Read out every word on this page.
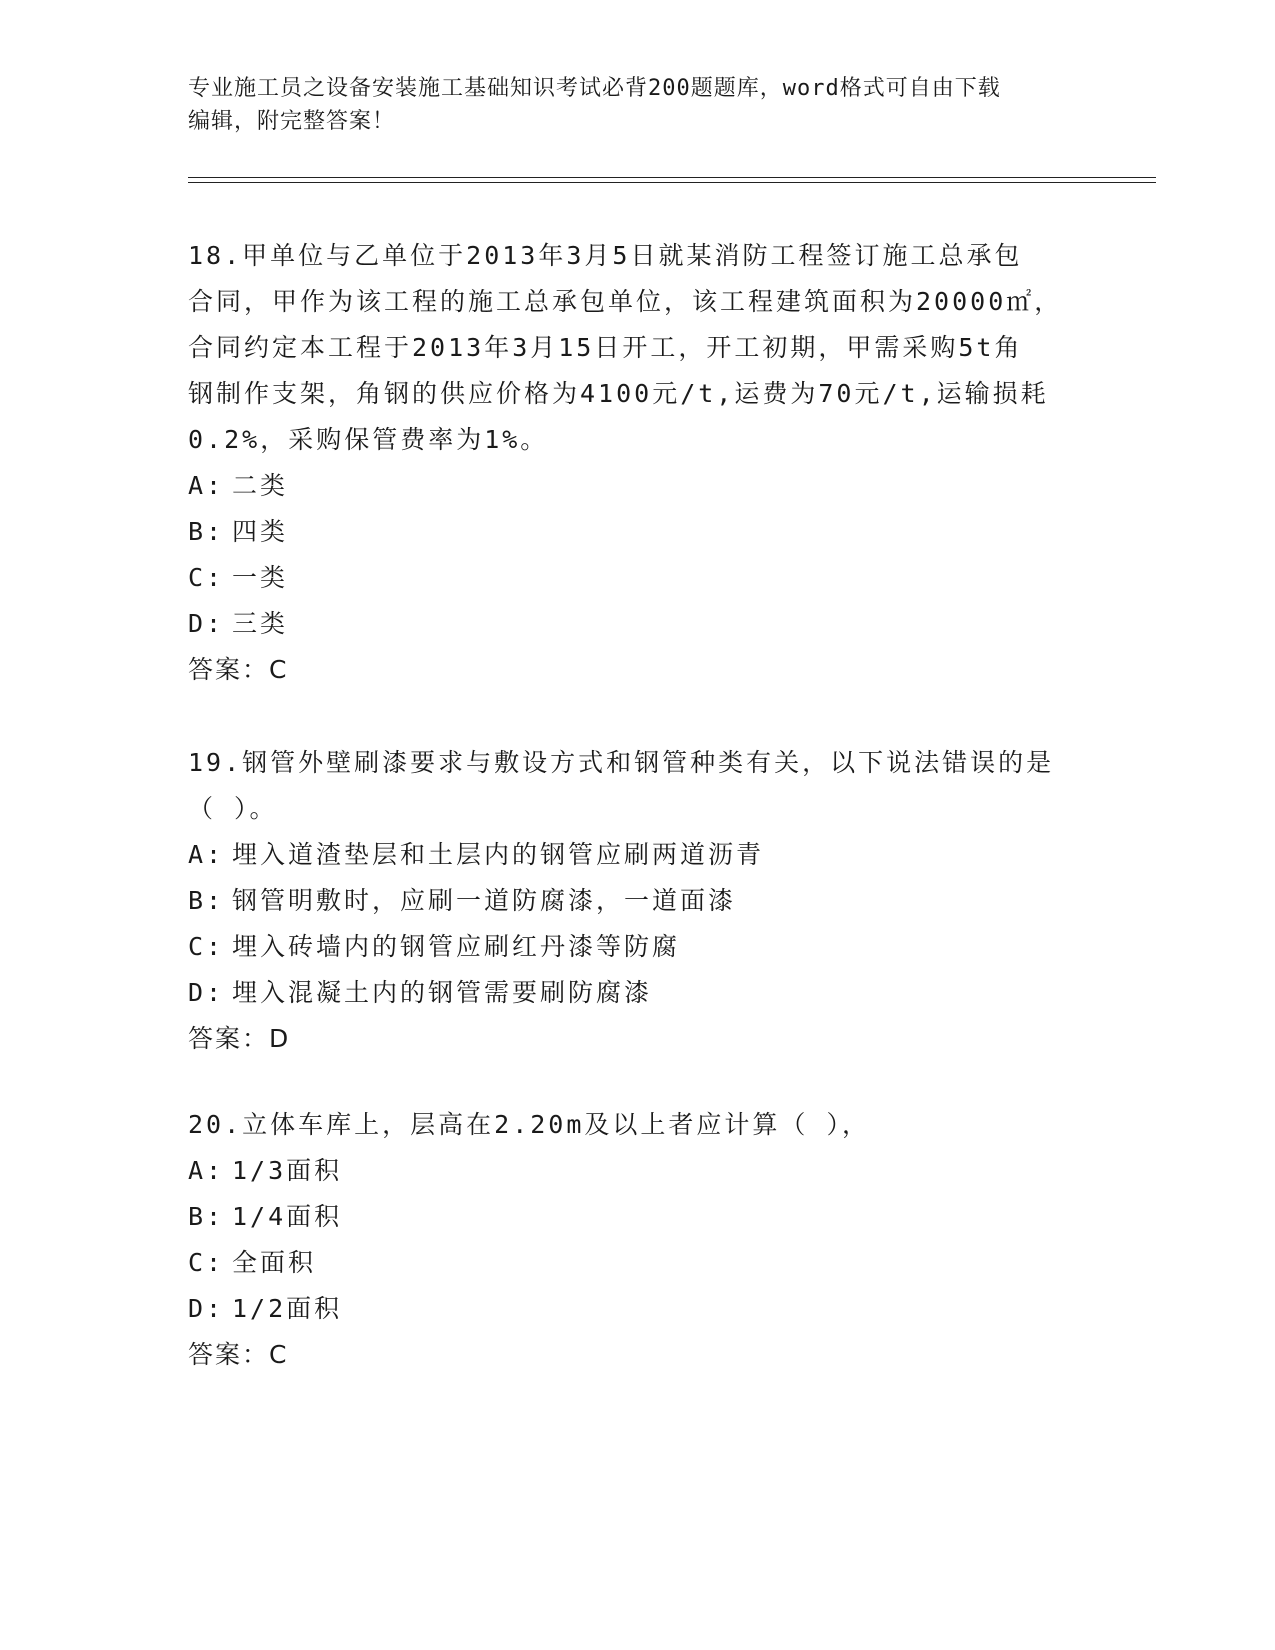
专业施工员之设备安装施工基础知识考试必背200题题库，word格式可自由下载
编辑，附完整答案！
18.甲单位与乙单位于2013年3月5日就某消防工程签订施工总承包
合同，甲作为该工程的施工总承包单位，该工程建筑面积为20000㎡，
合同约定本工程于2013年3月15日开工，开工初期，甲需采购5t角
钢制作支架，角钢的供应价格为4100元/t,运费为70元/t,运输损耗
0.2%，采购保管费率为1%。
A: 二类
B: 四类
C: 一类
D: 三类
答案：C
19.钢管外壁刷漆要求与敷设方式和钢管种类有关，以下说法错误的是
（ ）。
A: 埋入道渣垫层和土层内的钢管应刷两道沥青
B: 钢管明敷时，应刷一道防腐漆，一道面漆
C: 埋入砖墙内的钢管应刷红丹漆等防腐
D: 埋入混凝土内的钢管需要刷防腐漆
答案：D
20.立体车库上，层高在2.20m及以上者应计算（ ），
A: 1/3面积
B: 1/4面积
C: 全面积
D: 1/2面积
答案：C
